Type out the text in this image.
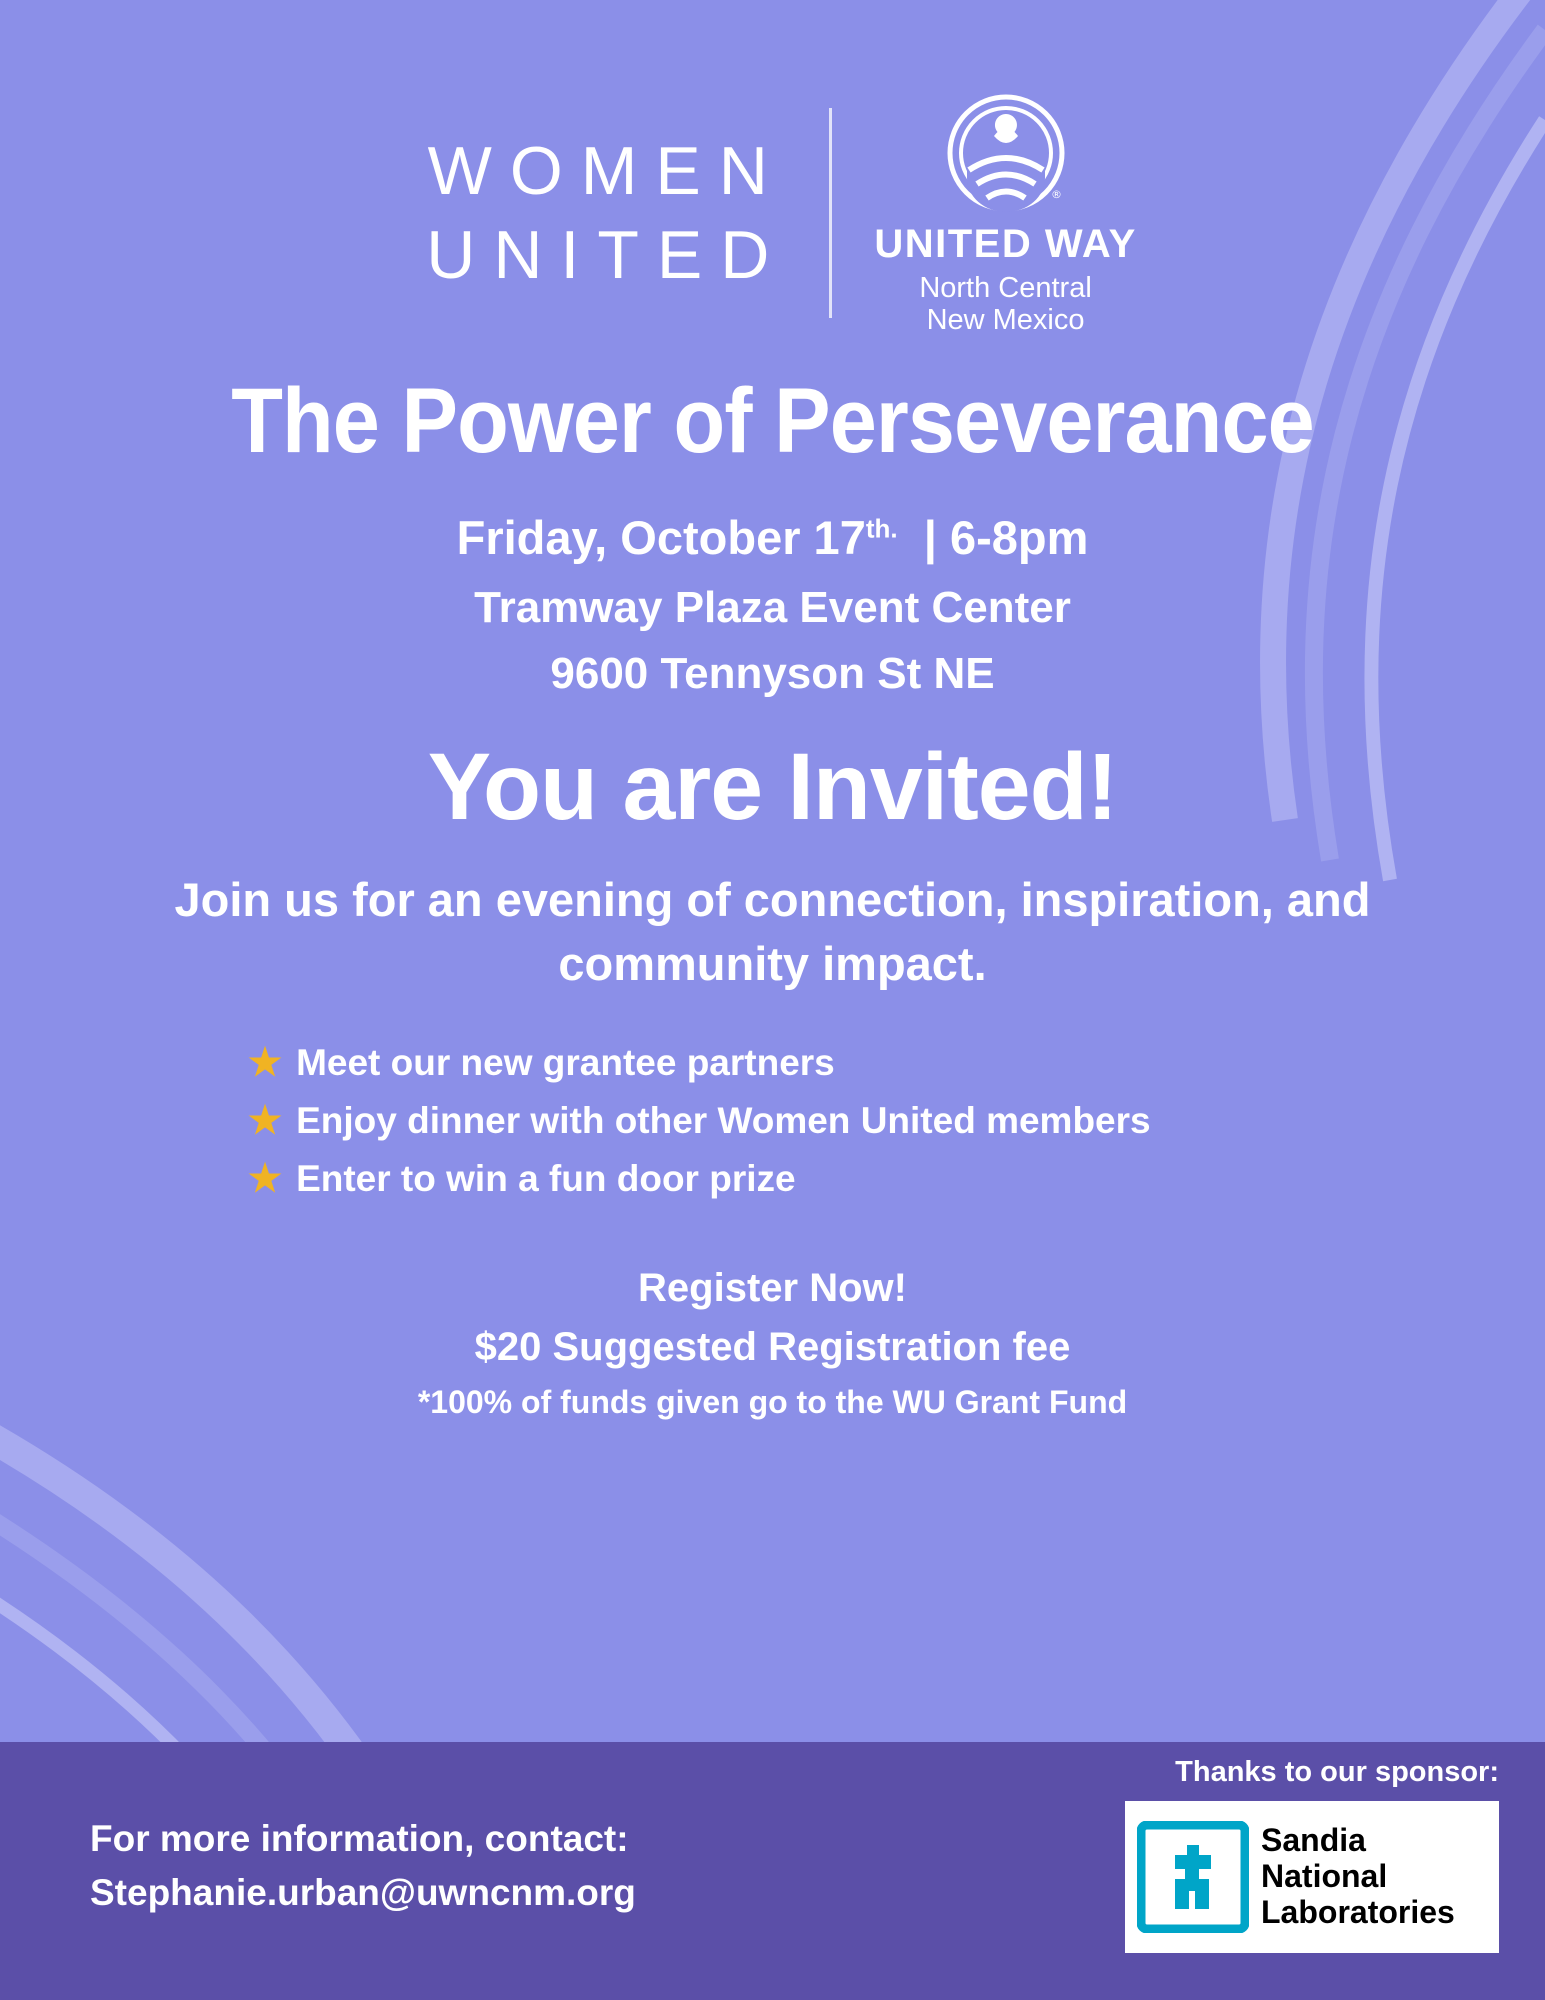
WOMEN
UNITED
®
UNITED WAY
North Central
New Mexico
The Power of Perseverance
Friday, October $17^{th.}$ | 6-8pm
Tramway Plaza Event Center
9600 Tennyson St NE
You are Invited!
Join us for an evening of connection, inspiration, and community impact.
★ Meet our new grantee partners
★ Enjoy dinner with other Women United members
★ Enter to win a fun door prize
Register Now!
$20 Suggested Registration fee
*100% of funds given go to the WU Grant Fund
For more information, contact:
Stephanie.urban@uwncnm.org
Thanks to our sponsor:
Sandia
National
Laboratories
